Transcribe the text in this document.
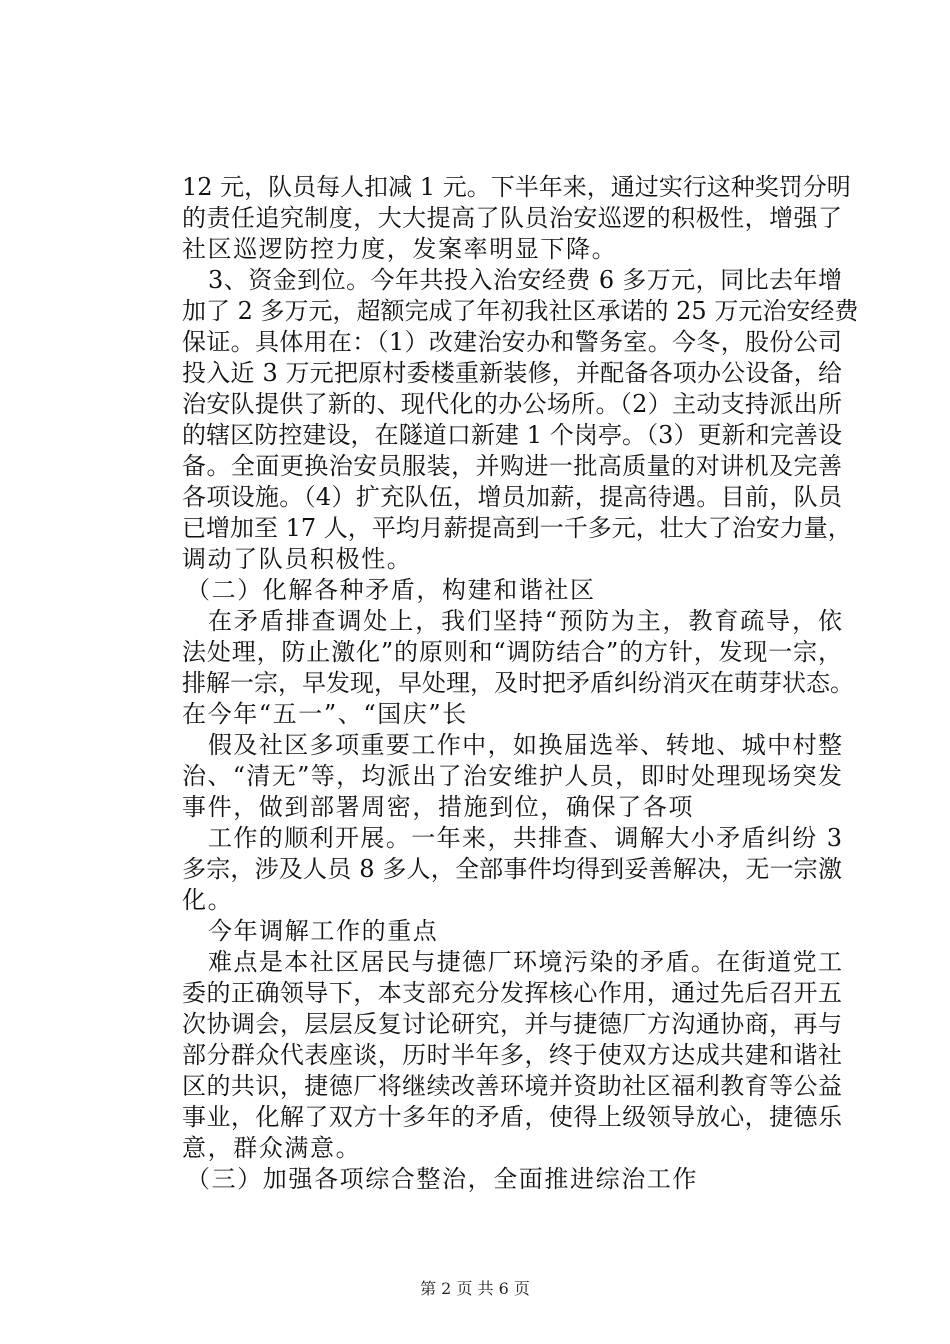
12 元，队员每人扣减 1 元。下半年来，通过实行这种奖罚分明
的责任追究制度，大大提高了队员治安巡逻的积极性，增强了
社区巡逻防控力度，发案率明显下降。
3、资金到位。今年共投入治安经费 6 多万元，同比去年增
加了 2 多万元，超额完成了年初我社区承诺的 25 万元治安经费
保证。具体用在：（1）改建治安办和警务室。今冬，股份公司
投入近 3 万元把原村委楼重新装修，并配备各项办公设备，给
治安队提供了新的、现代化的办公场所。（2）主动支持派出所
的辖区防控建设，在隧道口新建 1 个岗亭。（3）更新和完善设
备。全面更换治安员服装，并购进一批高质量的对讲机及完善
各项设施。（4）扩充队伍，增员加薪，提高待遇。目前，队员
已增加至 17 人，平均月薪提高到一千多元，壮大了治安力量，
调动了队员积极性。
（二）化解各种矛盾，构建和谐社区
在矛盾排查调处上，我们坚持“预防为主，教育疏导，依
法处理，防止激化”的原则和“调防结合”的方针，发现一宗，
排解一宗，早发现，早处理，及时把矛盾纠纷消灭在萌芽状态。
在今年“五一”、“国庆”长
假及社区多项重要工作中，如换届选举、转地、城中村整
治、“清无”等，均派出了治安维护人员，即时处理现场突发
事件，做到部署周密，措施到位，确保了各项
工作的顺利开展。一年来，共排查、调解大小矛盾纠纷 3
多宗，涉及人员 8 多人，全部事件均得到妥善解决，无一宗激
化。
今年调解工作的重点
难点是本社区居民与捷德厂环境污染的矛盾。在街道党工
委的正确领导下，本支部充分发挥核心作用，通过先后召开五
次协调会，层层反复讨论研究，并与捷德厂方沟通协商，再与
部分群众代表座谈，历时半年多，终于使双方达成共建和谐社
区的共识，捷德厂将继续改善环境并资助社区福利教育等公益
事业，化解了双方十多年的矛盾，使得上级领导放心，捷德乐
意，群众满意。
（三）加强各项综合整治，全面推进综治工作
第 2 页 共 6 页
